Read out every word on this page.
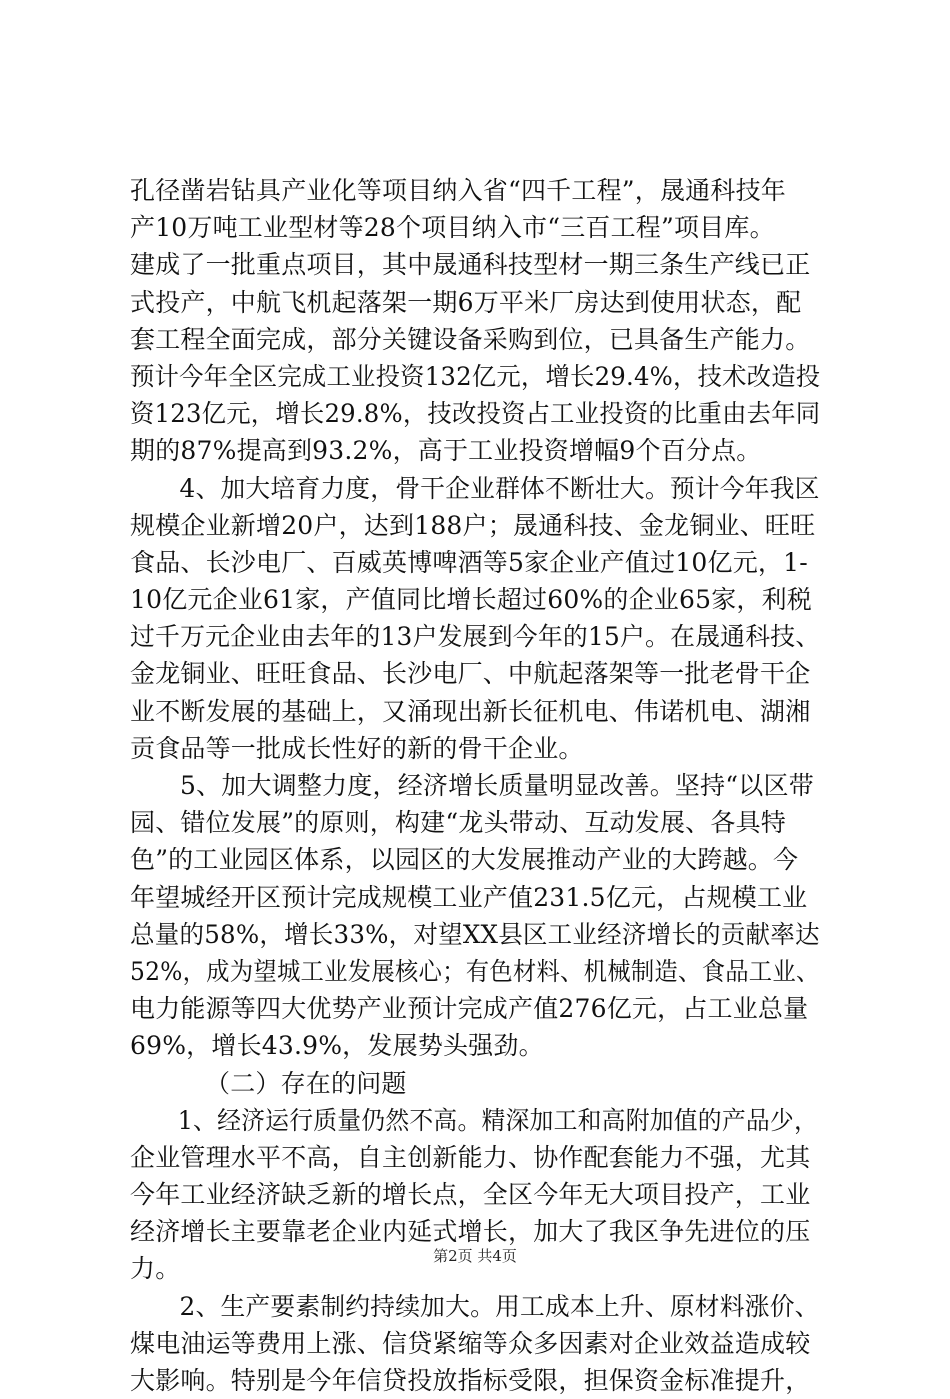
孔径凿岩钻具产业化等项目纳入省“四千工程”，晟通科技年
产10万吨工业型材等28个项目纳入市“三百工程”项目库。
建成了一批重点项目，其中晟通科技型材一期三条生产线已正
式投产，中航飞机起落架一期6万平米厂房达到使用状态，配
套工程全面完成，部分关键设备采购到位，已具备生产能力。
预计今年全区完成工业投资132亿元，增长29.4%，技术改造投
资123亿元，增长29.8%，技改投资占工业投资的比重由去年同
期的87%提高到93.2%，高于工业投资增幅9个百分点。
4、加大培育力度，骨干企业群体不断壮大。预计今年我区
规模企业新增20户，达到188户；晟通科技、金龙铜业、旺旺
食品、长沙电厂、百威英博啤酒等5家企业产值过10亿元，1-
10亿元企业61家，产值同比增长超过60%的企业65家，利税
过千万元企业由去年的13户发展到今年的15户。在晟通科技、
金龙铜业、旺旺食品、长沙电厂、中航起落架等一批老骨干企
业不断发展的基础上，又涌现出新长征机电、伟诺机电、湖湘
贡食品等一批成长性好的新的骨干企业。
5、加大调整力度，经济增长质量明显改善。坚持“以区带
园、错位发展”的原则，构建“龙头带动、互动发展、各具特
色”的工业园区体系，以园区的大发展推动产业的大跨越。今
年望城经开区预计完成规模工业产值231.5亿元，占规模工业
总量的58%，增长33%，对望XX县区工业经济增长的贡献率达
52%，成为望城工业发展核心；有色材料、机械制造、食品工业、
电力能源等四大优势产业预计完成产值276亿元，占工业总量
69%，增长43.9%，发展势头强劲。
（二）存在的问题
1、经济运行质量仍然不高。精深加工和高附加值的产品少，
企业管理水平不高，自主创新能力、协作配套能力不强，尤其
今年工业经济缺乏新的增长点，全区今年无大项目投产，工业
经济增长主要靠老企业内延式增长，加大了我区争先进位的压
力。
2、生产要素制约持续加大。用工成本上升、原材料涨价、
煤电油运等费用上涨、信贷紧缩等众多因素对企业效益造成较
大影响。特别是今年信贷投放指标受限，担保资金标准提升，
第2页 共4页
